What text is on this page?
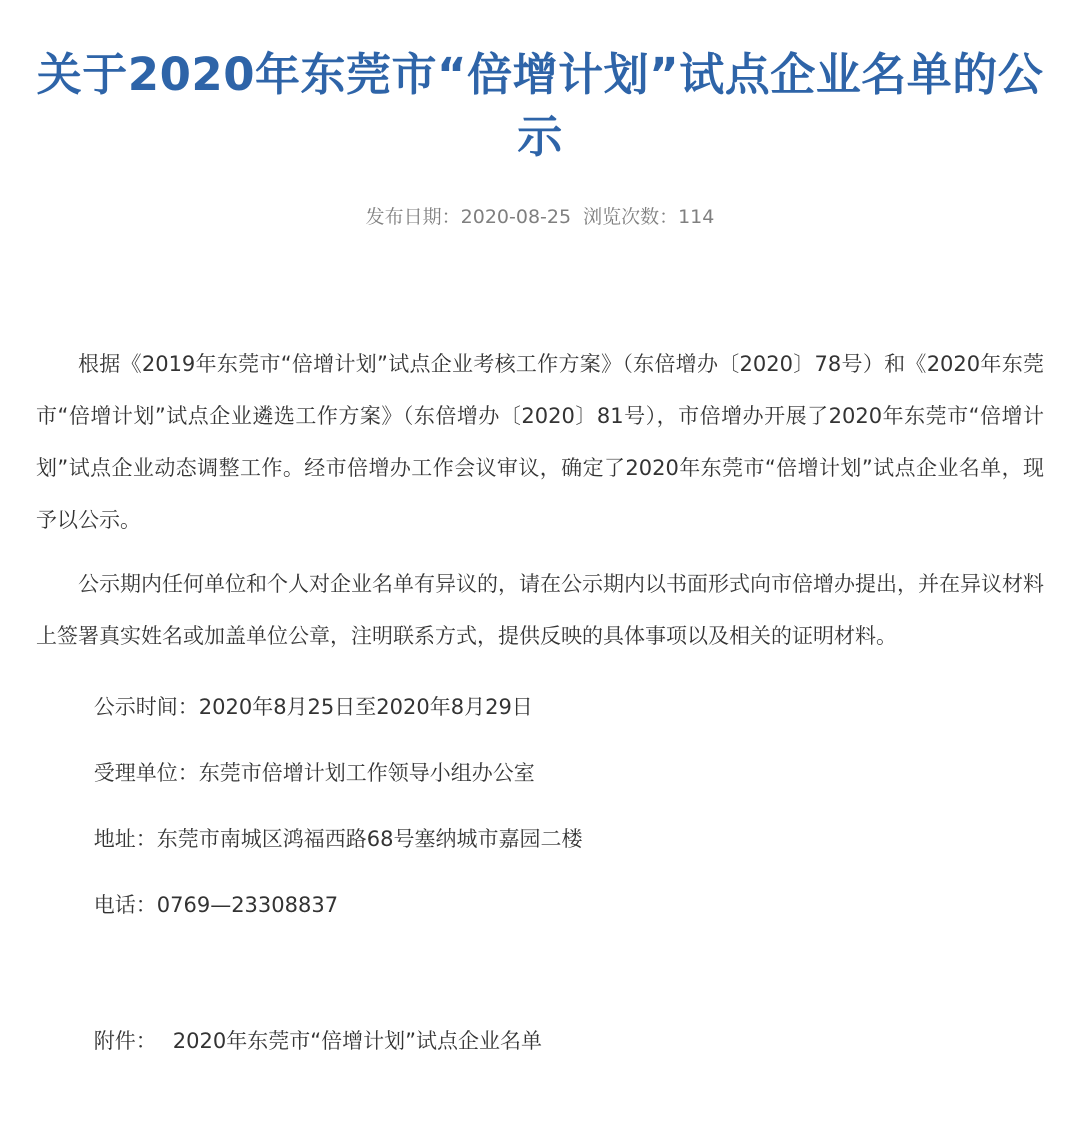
关于2020年东莞市“倍增计划”试点企业名单的公示
发布日期：2020-08-25 浏览次数：114

根据《2019年东莞市“倍增计划”试点企业考核工作方案》（东倍增办〔2020〕78号）和《2020年东莞市“倍增计划”试点企业遴选工作方案》（东倍增办〔2020〕81号），市倍增办开展了2020年东莞市“倍增计划”试点企业动态调整工作。经市倍增办工作会议审议，确定了2020年东莞市“倍增计划”试点企业名单，现予以公示。

公示期内任何单位和个人对企业名单有异议的，请在公示期内以书面形式向市倍增办提出，并在异议材料上签署真实姓名或加盖单位公章，注明联系方式，提供反映的具体事项以及相关的证明材料。

公示时间：2020年8月25日至2020年8月29日

受理单位：东莞市倍增计划工作领导小组办公室

地址：东莞市南城区鸿福西路68号塞纳城市嘉园二楼

电话：0769—23308837

附件： 2020年东莞市“倍增计划”试点企业名单
